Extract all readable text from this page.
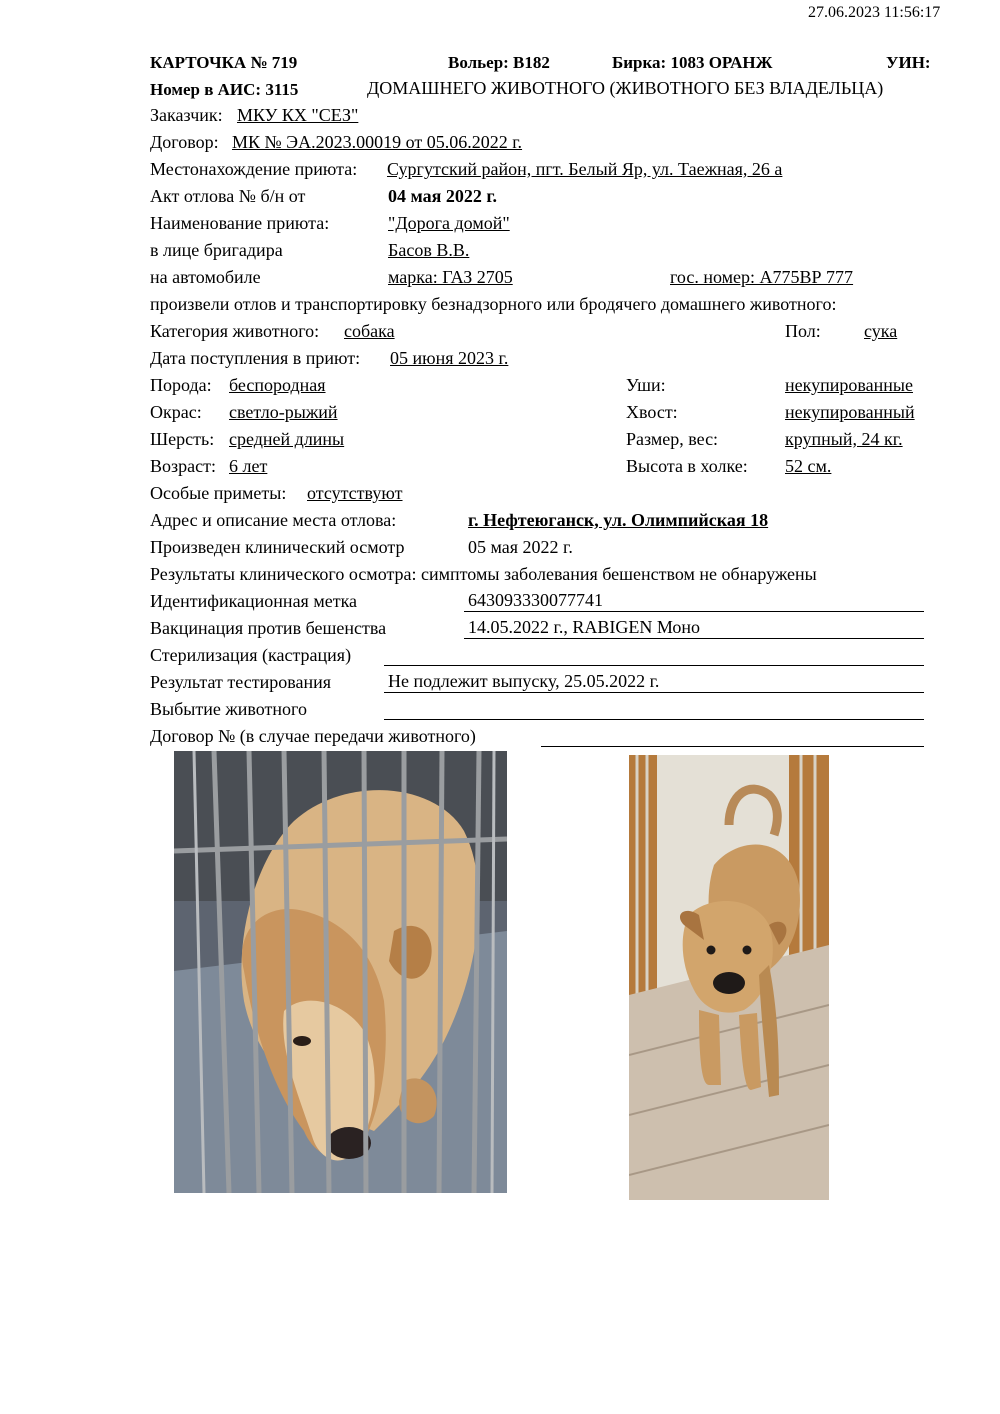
27.06.2023 11:56:17
КАРТОЧКА № 719	Вольер: В182	Бирка: 1083 ОРАНЖ	УИН:
Номер в АИС: 3115	ДОМАШНЕГО ЖИВОТНОГО (ЖИВОТНОГО БЕЗ ВЛАДЕЛЬЦА)
Заказчик: МКУ КХ "СЕЗ"
Договор: МК № ЭА.2023.00019 от 05.06.2022 г.
Местонахождение приюта: Сургутский район, пгт. Белый Яр, ул. Таежная, 26 а
Акт отлова № б/н от	04 мая 2022 г.
Наименование приюта:	"Дорога домой"
в лице бригадира	Басов В.В.
на автомобиле	марка: ГАЗ 2705	гос. номер: А775ВР 777
произвели отлов и транспортировку безнадзорного или бродячего домашнего животного:
Категория животного: собака	Пол: сука
Дата поступления в приют: 05 июня 2023 г.
Порода: беспородная	Уши:	некупированные
Окрас: светло-рыжий	Хвост:	некупированный
Шерсть: средней длины	Размер, вес:	крупный, 24 кг.
Возраст: 6 лет	Высота в холке: 52 см.
Особые приметы: отсутствуют
Адрес и описание места отлова:	г. Нефтеюганск, ул. Олимпийская 18
Произведен клинический осмотр	05 мая 2022 г.
Результаты клинического осмотра: симптомы заболевания бешенством не обнаружены
Идентификационная метка	643093330077741
Вакцинация против бешенства	14.05.2022 г., RABIGEN Моно
Стерилизация (кастрация)
Результат тестирования	Не подлежит выпуску, 25.05.2022 г.
Выбытие животного
Договор № (в случае передачи животного)
